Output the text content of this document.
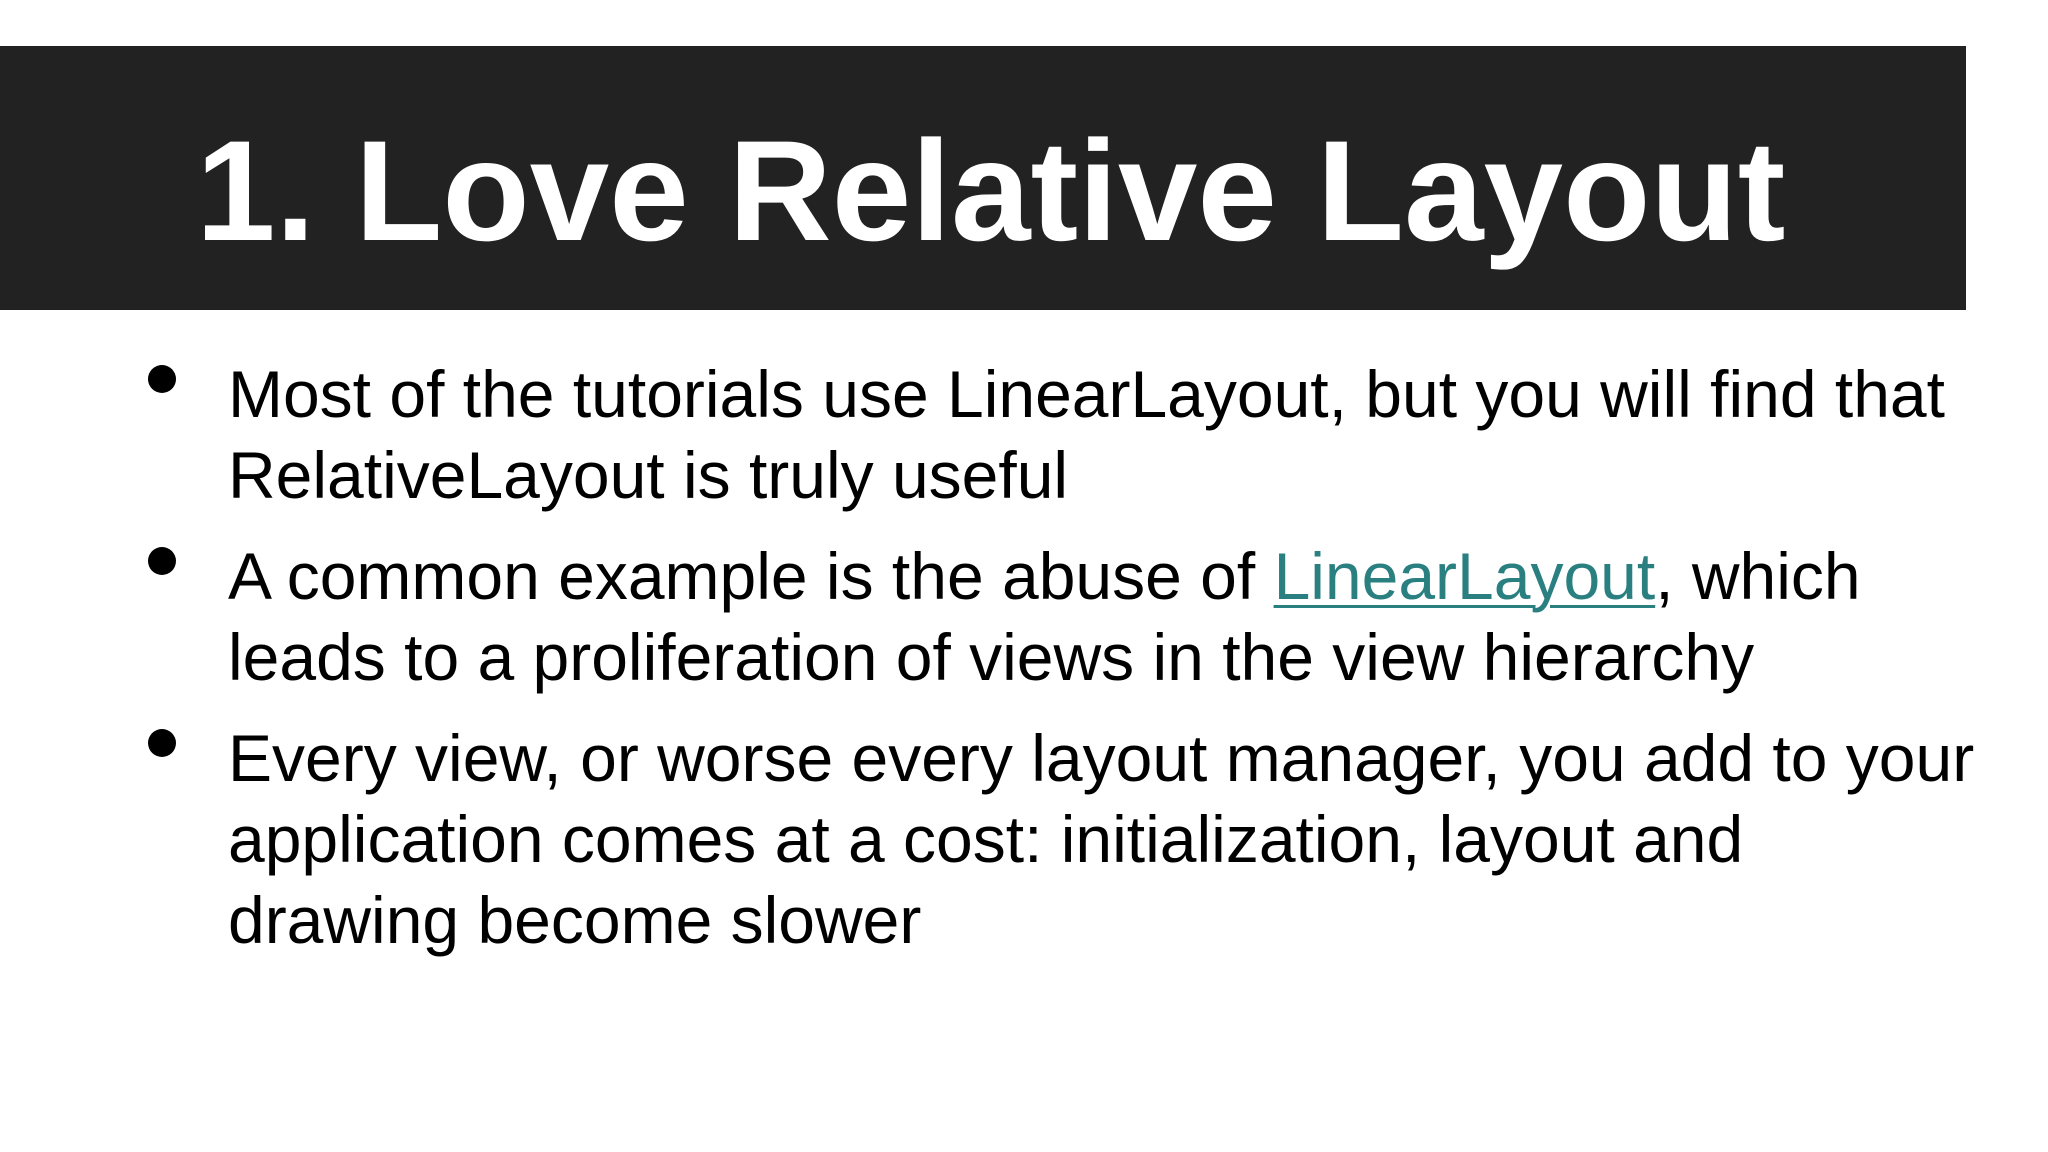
1. Love Relative Layout
Most of the tutorials use LinearLayout, but you will find that RelativeLayout is truly useful
A common example is the abuse of LinearLayout, which leads to a proliferation of views in the view hierarchy
Every view, or worse every layout manager, you add to your application comes at a cost: initialization, layout and drawing become slower
